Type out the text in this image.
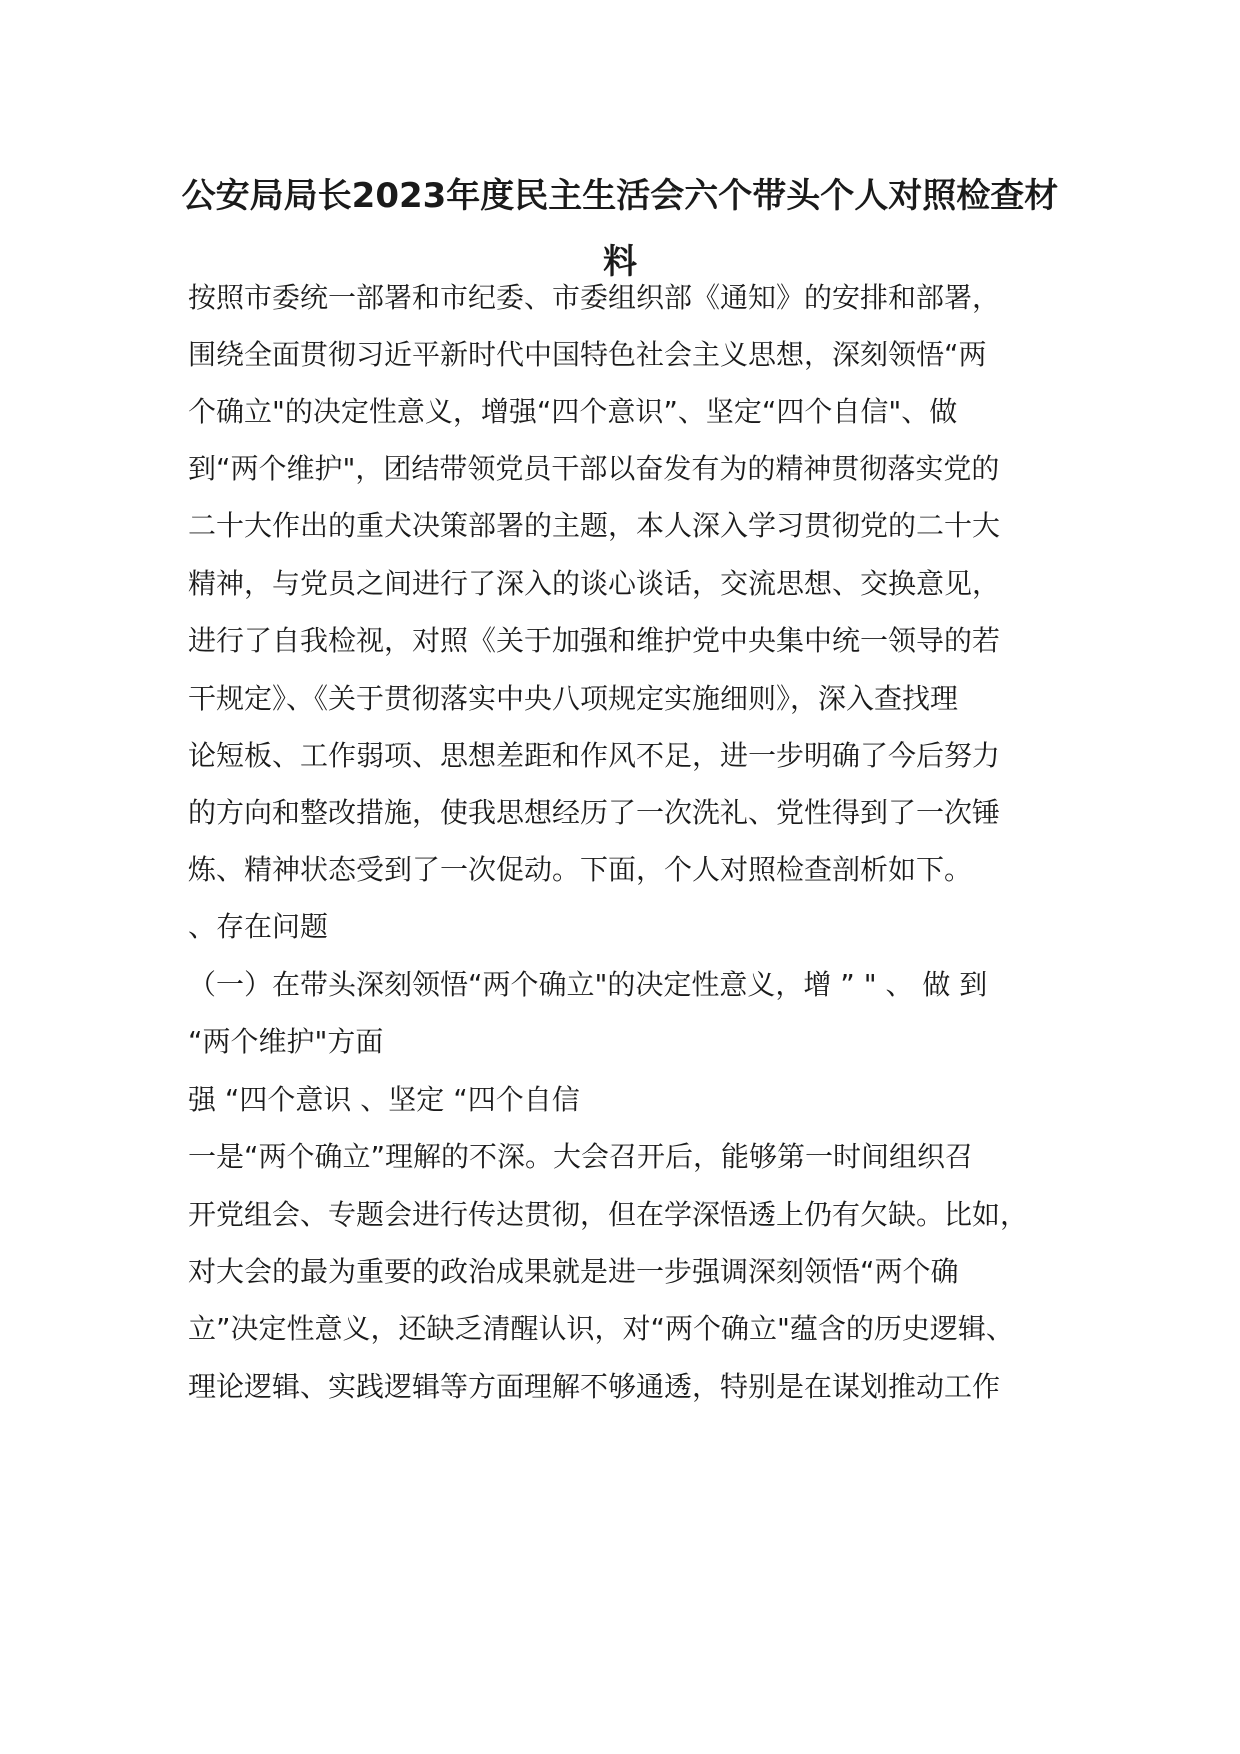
公安局局长2023年度民主生活会六个带头个人对照检查材
料

按照市委统一部署和市纪委、市委组织部《通知》的安排和部署，

围绕全面贯彻习近平新时代中国特色社会主义思想，深刻领悟“两

个确立"的决定性意义，增强“四个意识”、坚定“四个自信"、做

到“两个维护"，团结带领党员干部以奋发有为的精神贯彻落实党的

二十大作出的重犬决策部署的主题，本人深入学习贯彻党的二十大

精神，与党员之间进行了深入的谈心谈话，交流思想、交换意见，

进行了自我检视，对照《关于加强和维护党中央集中统一领导的若

干规定》、《关于贯彻落实中央八项规定实施细则》，深入查找理

论短板、工作弱项、思想差距和作风不足，进一步明确了今后努力

的方向和整改措施，使我思想经历了一次洗礼、党性得到了一次锤

炼、精神状态受到了一次促动。下面，个人对照检查剖析如下。

、存在问题

（一）在带头深刻领悟“两个确立"的决定性意义，增 ” " 、 做 到

“两个维护"方面

强 “四个意识 、坚定 “四个自信

一是“两个确立”理解的不深。大会召开后，能够第一时间组织召

开党组会、专题会进行传达贯彻，但在学深悟透上仍有欠缺。比如，

对大会的最为重要的政治成果就是进一步强调深刻领悟“两个确

立”决定性意义，还缺乏清醒认识，对“两个确立"蕴含的历史逻辑、

理论逻辑、实践逻辑等方面理解不够通透，特别是在谋划推动工作
